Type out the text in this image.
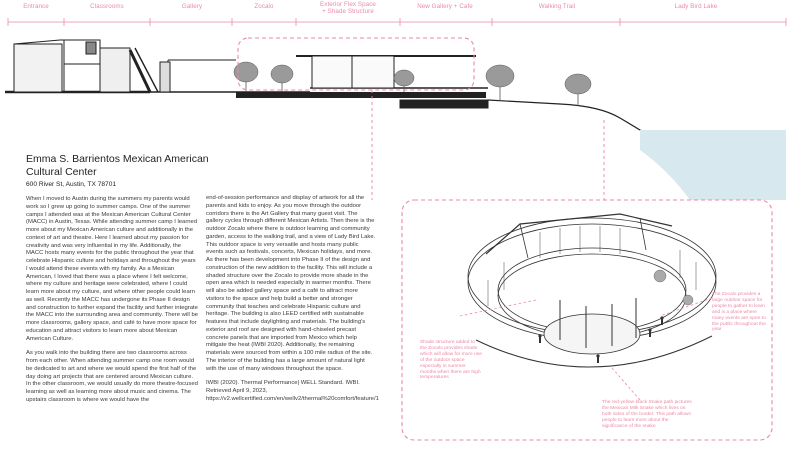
Entrance	Classrooms	Gallery	Zocalo	Exterior Flex Space
+ Shade Structure
New Gallery + Cafe	Walking Trail	Lady Bird Lake
Emma S. Barrientos Mexican American Cultural Center
600 River St, Austin, TX 78701

When I moved to Austin during the summers my parents would work so I grew up going to summer camps. One of the summer camps I attended was at the Mexican American Cultural Center (MACC) in Austin, Texas. While attending summer camp I learned more about my Mexican American culture and additionally in the context of art and theatre. Here I learned about my passion for creativity and was very influential in my life. Additionally, the MACC hosts many events for the public throughout the year that celebrate Hispanic culture and holidays and throughout the years I would attend these events with my family. As a Mexican American, I loved that there was a place where I felt welcome, where my culture and heritage were celebrated, where I could learn more about my culture, and where other people could learn as well. Recently the MACC has undergone its Phase II design and construction to further expand the facility and further integrate the MACC into the surrounding area and community. There will be more classrooms, gallery space, and café to have more space for education and attract visitors to learn more about Mexican American Culture.

As you walk into the building there are two classrooms across from each other. When attending summer camp one room would be dedicated to art and where we would spend the first half of the day doing art projects that are centered around Mexican culture. In the other classroom, we would usually do more theatre-focused learning as well as learning more about music and cinema. The upstairs classroom is where we would have the

end-of-session performance and display of artwork for all the parents and kids to enjoy. As you move through the outdoor corridors there is the Art Gallery that many guest visit. The gallery cycles through different Mexican Artists. Then there is the outdoor Zocalo where there is outdoor learning and community garden, access to the walking trail, and a view of Lady Bird Lake. This outdoor space is very versatile and hosts many public events such as festivals, concerts, Mexican holidays, and more. As there has been development into Phase II of the design and construction of the new addition to the facility. This will include a shaded structure over the Zocalo to provide more shade in the open area which is needed especially in warmer months. There will also be added gallery space and a café to attract more visitors to the space and help build a better and stronger community that teaches and celebrate Hispanic culture and heritage. The building is also LEED certified with sustainable features that include daylighting and materials. The building's exterior and roof are designed with hand-chiseled precast concrete panels that are imported from Mexico which help mitigate the heat (IWBI 2020). Additionally, the remaining materials were sourced from within a 100 mile radius of the site. The interior of the building has a large amount of natural light with the use of many windows throughout the space.

IWBI (2020). Thermal Performance| WELL Standard. IWBI. Retrieved April 9, 2023, https://v2.wellcertified.com/en/wellv2/thermal%20comfort/feature/1

Shade structure added to the Zocalo provides shade which will allow for more use of the outdoor space especially in summer months when there are high temperatures
The Zocalo provides a large outdoor space for people to gather to learn and is a place where many events are open to the public throughout the year
The red-yellow-black Snake path pictures the Mexican Milk Snake which lives on both sides of the border. This path allows people to learn more about the significance of the snake
